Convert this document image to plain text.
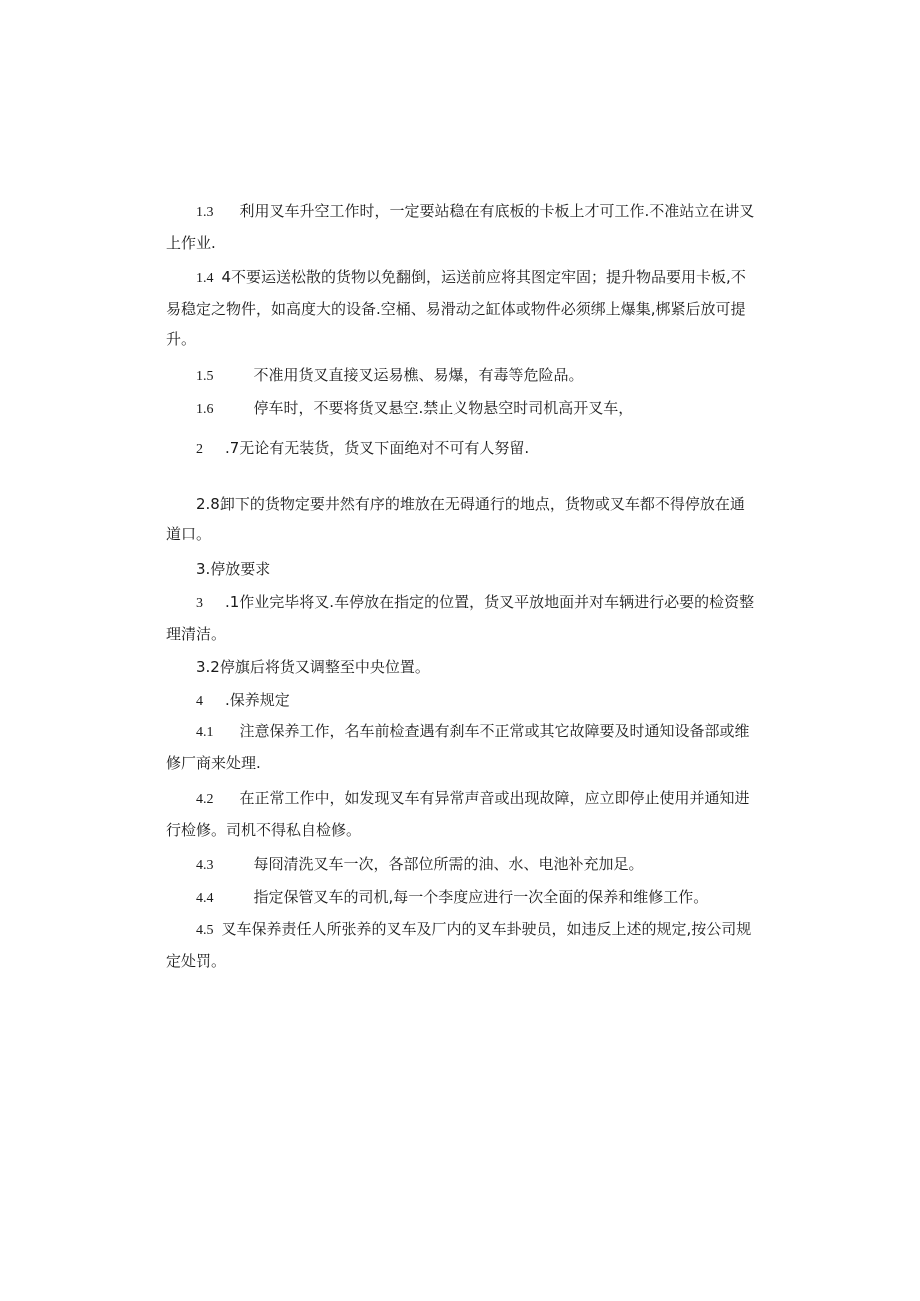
1.3 利用叉车升空工作时，一定要站稳在有底板的卡板上才可工作.不准站立在讲叉上作业.

1.4 4不要运送松散的货物以免翻倒，运送前应将其图定牢固；提升物品要用卡板,不易稳定之物件，如高度大的设备.空桶、易滑动之缸体或物件必须绑上爆集,梆紧后放可提升。

1.5	不准用货叉直接叉运易樵、易爆，有毒等危险品。

1.6	停车时，不要将货叉悬空.禁止义物悬空时司机高开叉车，

2 .7无论有无装货，货叉下面绝对不可有人努留.

2.8卸下的货物定要井然有序的堆放在无碍通行的地点，货物或叉车都不得停放在通道口。

3.停放要求

3 .1作业完毕将叉.车停放在指定的位置，货叉平放地面并对车辆进行必要的检资整理清洁。

3.2停旗后将货又调整至中央位置。

4 .保养规定

4.1 注意保养工作，名车前检查遇有刹车不正常或其它故障要及时通知设备部或维修厂商来处理.

4.2 在正常工作中，如发现叉车有异常声音或出现故障，应立即停止使用并通知进行检修。司机不得私自检修。

4.3	每冏清洗叉车一次，各部位所需的油、水、电池补充加足。

4.4	指定保管叉车的司机,每一个李度应进行一次全面的保养和维修工作。

4.5 叉车保养责任人所张养的叉车及厂内的叉车卦驶员，如违反上述的规定,按公司规定处罚。
